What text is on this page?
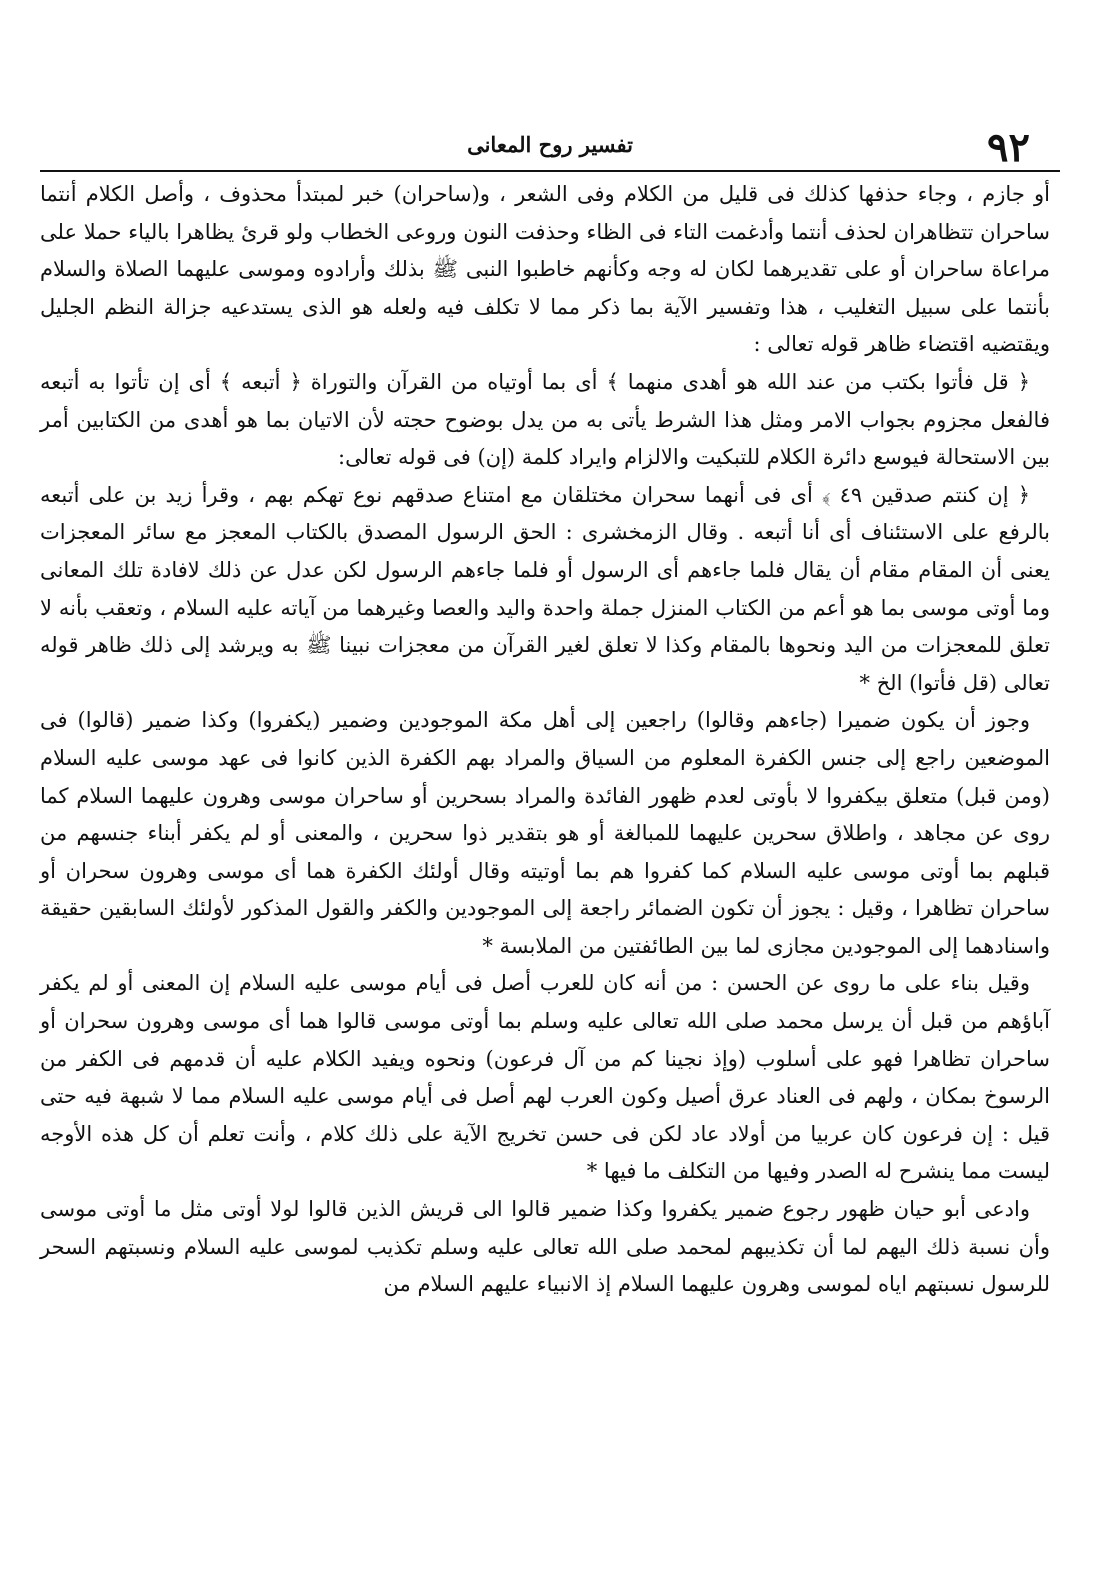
٩٢
تفسير روح المعانى

أو جازم ، وجاء حذفها كذلك فى قليل من الكلام وفى الشعر ، و(ساحران) خبر لمبتدأ محذوف ، وأصل الكلام أنتما ساحران تتظاهران لحذف أنتما وأدغمت التاء فى الظاء وحذفت النون وروعى الخطاب ولو قرئ يظاهرا بالياء حملا على مراعاة ساحران أو على تقديرهما لكان له وجه وكأنهم خاطبوا النبى ﷺ بذلك وأرادوه وموسى عليهما الصلاة والسلام بأنتما على سبيل التغليب ، هذا وتفسير الآية بما ذكر مما لا تكلف فيه ولعله هو الذى يستدعيه جزالة النظم الجليل ويقتضيه اقتضاء ظاهر قوله تعالى :

﴿ قل فأتوا بكتب من عند الله هو أهدى منهما ﴾ أى بما أوتياه من القرآن والتوراة ﴿ أتبعه ﴾ أى إن تأتوا به أتبعه فالفعل مجزوم بجواب الامر ومثل هذا الشرط يأتى به من يدل بوضوح حجته لأن الاتيان بما هو أهدى من الكتابين أمر بين الاستحالة فيوسع دائرة الكلام للتبكيت والالزام وايراد كلمة (إن) فى قوله تعالى:

﴿ إن كنتم صدقين ٤٩ ﴾ أى فى أنهما سحران مختلقان مع امتناع صدقهم نوع تهكم بهم ، وقرأ زيد بن على أتبعه بالرفع على الاستئناف أى أنا أتبعه . وقال الزمخشرى : الحق الرسول المصدق بالكتاب المعجز مع سائر المعجزات يعنى أن المقام مقام أن يقال فلما جاءهم أى الرسول أو فلما جاءهم الرسول لكن عدل عن ذلك لافادة تلك المعانى وما أوتى موسى بما هو أعم من الكتاب المنزل جملة واحدة واليد والعصا وغيرهما من آياته عليه السلام ، وتعقب بأنه لا تعلق للمعجزات من اليد ونحوها بالمقام وكذا لا تعلق لغير القرآن من معجزات نبينا ﷺ به ويرشد إلى ذلك ظاهر قوله تعالى (قل فأتوا) الخ *

وجوز أن يكون ضميرا (جاءهم وقالوا) راجعين إلى أهل مكة الموجودين وضمير (يكفروا) وكذا ضمير (قالوا) فى الموضعين راجع إلى جنس الكفرة المعلوم من السياق والمراد بهم الكفرة الذين كانوا فى عهد موسى عليه السلام (ومن قبل) متعلق بيكفروا لا بأوتى لعدم ظهور الفائدة والمراد بسحرين أو ساحران موسى وهرون عليهما السلام كما روى عن مجاهد ، واطلاق سحرين عليهما للمبالغة أو هو بتقدير ذوا سحرين ، والمعنى أو لم يكفر أبناء جنسهم من قبلهم بما أوتى موسى عليه السلام كما كفروا هم بما أوتيته وقال أولئك الكفرة هما أى موسى وهرون سحران أو ساحران تظاهرا ، وقيل : يجوز أن تكون الضمائر راجعة إلى الموجودين والكفر والقول المذكور لأولئك السابقين حقيقة واسنادهما إلى الموجودين مجازى لما بين الطائفتين من الملابسة *

وقيل بناء على ما روى عن الحسن : من أنه كان للعرب أصل فى أيام موسى عليه السلام إن المعنى أو لم يكفر آباؤهم من قبل أن يرسل محمد صلى الله تعالى عليه وسلم بما أوتى موسى قالوا هما أى موسى وهرون سحران أو ساحران تظاهرا فهو على أسلوب (وإذ نجينا كم من آل فرعون) ونحوه ويفيد الكلام عليه أن قدمهم فى الكفر من الرسوخ بمكان ، ولهم فى العناد عرق أصيل وكون العرب لهم أصل فى أيام موسى عليه السلام مما لا شبهة فيه حتى قيل : إن فرعون كان عربيا من أولاد عاد لكن فى حسن تخريج الآية على ذلك كلام ، وأنت تعلم أن كل هذه الأوجه ليست مما ينشرح له الصدر وفيها من التكلف ما فيها *

وادعى أبو حيان ظهور رجوع ضمير يكفروا وكذا ضمير قالوا الى قريش الذين قالوا لولا أوتى مثل ما أوتى موسى وأن نسبة ذلك اليهم لما أن تكذيبهم لمحمد صلى الله تعالى عليه وسلم تكذيب لموسى عليه السلام ونسبتهم السحر للرسول نسبتهم اياه لموسى وهرون عليهما السلام إذ الانبياء عليهم السلام من
